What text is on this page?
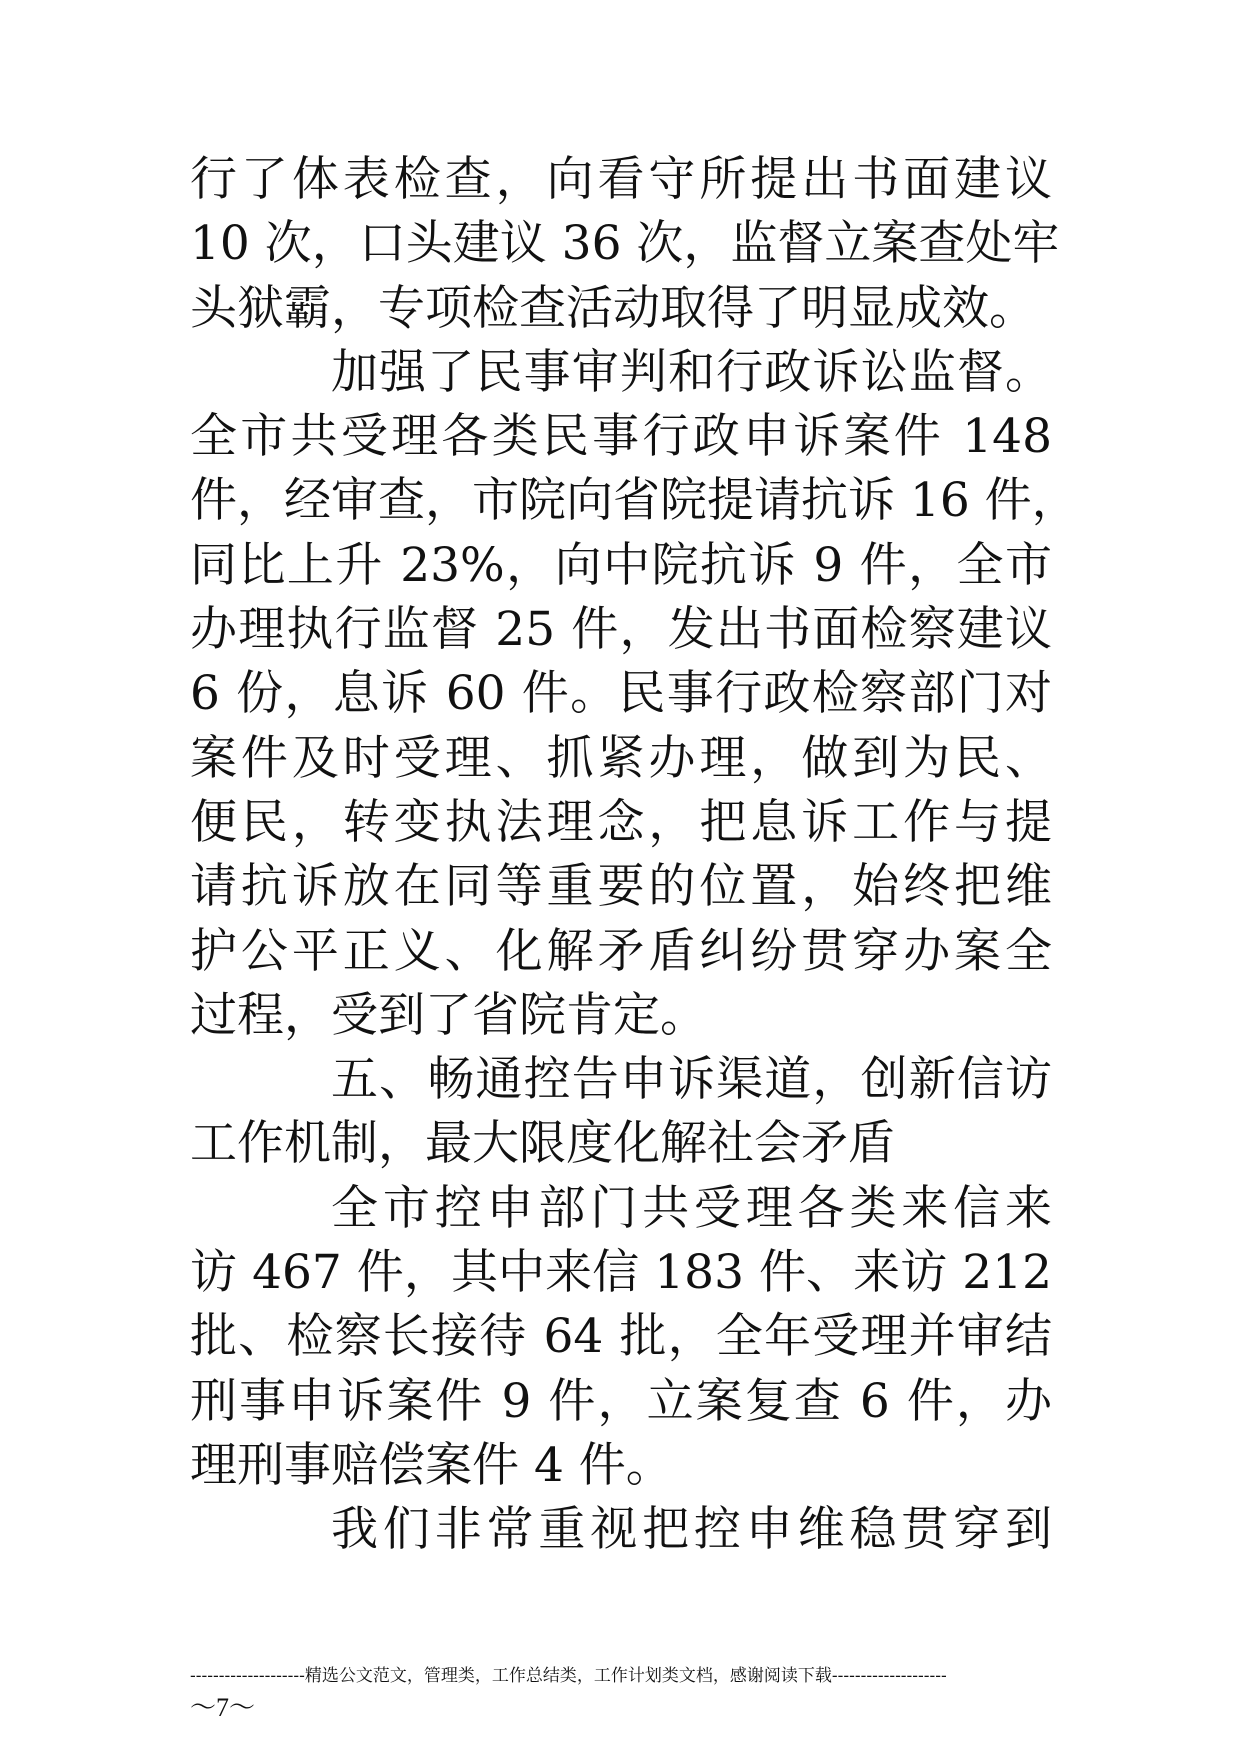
行了体表检查，向看守所提出书面建议
10 次，口头建议 36 次，监督立案查处牢
头狱霸，专项检查活动取得了明显成效。
加强了民事审判和行政诉讼监督。
全市共受理各类民事行政申诉案件 148
件，经审查，市院向省院提请抗诉 16 件，
同比上升 23%，向中院抗诉 9 件，全市
办理执行监督 25 件，发出书面检察建议
6 份，息诉 60 件。民事行政检察部门对
案件及时受理、抓紧办理，做到为民、
便民，转变执法理念，把息诉工作与提
请抗诉放在同等重要的位置，始终把维
护公平正义、化解矛盾纠纷贯穿办案全
过程，受到了省院肯定。
五、畅通控告申诉渠道，创新信访
工作机制，最大限度化解社会矛盾
全市控申部门共受理各类来信来
访 467 件，其中来信 183 件、来访 212
批、检察长接待 64 批，全年受理并审结
刑事申诉案件 9 件，立案复查 6 件，办
理刑事赔偿案件 4 件。
我们非常重视把控申维稳贯穿到
--------------------精选公文范文，管理类，工作总结类，工作计划类文档，感谢阅读下载--------------------
～7～
